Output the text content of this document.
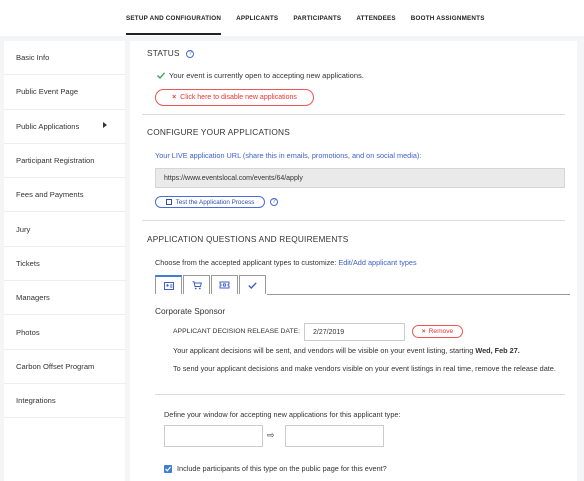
SETUP AND CONFIGURATION APPLICANTS PARTICIPANTS ATTENDEES BOOTH ASSIGNMENTS
Basic Info
Public Event Page
Public Applications
Participant Registration
Fees and Payments
Jury
Tickets
Managers
Photos
Carbon Offset Program
Integrations
STATUS ?
Your event is currently open to accepting new applications.
× Click here to disable new applications
CONFIGURE YOUR APPLICATIONS
Your LIVE application URL (share this in emails, promotions, and on social media):
https://www.eventslocal.com/events/64/apply
Test the Application Process	?
APPLICATION QUESTIONS AND REQUIREMENTS
Choose from the accepted applicant types to customize: Edit/Add applicant types
Corporate Sponsor
APPLICANT DECISION RELEASE DATE:	2/27/2019	× Remove
Your applicant decisions will be sent, and vendors will be visible on your event listing, starting Wed, Feb 27.
To send your applicant decisions and make vendors visible on your event listings in real time, remove the release date.
Define your window for accepting new applications for this applicant type:
⇨
Include participants of this type on the public page for this event?
